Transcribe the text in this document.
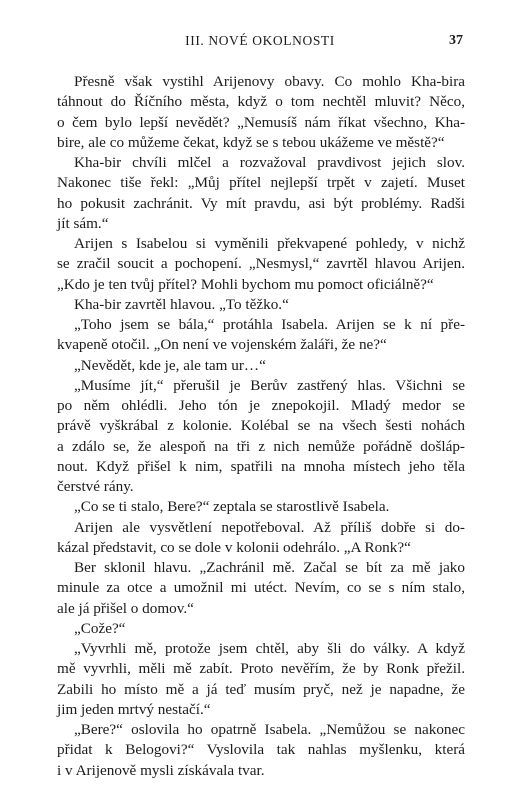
III. NOVÉ OKOLNOSTI	37
Přesně však vystihl Arijenovy obavy. Co mohlo Kha-bira
táhnout do Říčního města, když o tom nechtěl mluvit? Něco,
o čem bylo lepší nevědět? „Nemusíš nám říkat všechno, Kha-
bire, ale co můžeme čekat, když se s tebou ukážeme ve městě?“
Kha-bir chvíli mlčel a rozvažoval pravdivost jejich slov.
Nakonec tiše řekl: „Můj přítel nejlepší trpět v zajetí. Muset
ho pokusit zachránit. Vy mít pravdu, asi být problémy. Radši
jít sám.“
Arijen s Isabelou si vyměnili překvapené pohledy, v nichž
se zračil soucit a pochopení. „Nesmysl,“ zavrtěl hlavou Arijen.
„Kdo je ten tvůj přítel? Mohli bychom mu pomoct oficiálně?“
Kha-bir zavrtěl hlavou. „To těžko.“
„Toho jsem se bála,“ protáhla Isabela. Arijen se k ní pře-
kvapeně otočil. „On není ve vojenském žaláři, že ne?“
„Nevědět, kde je, ale tam ur…“
„Musíme jít,“ přerušil je Berův zastřený hlas. Všichni se
po něm ohlédli. Jeho tón je znepokojil. Mladý medor se
právě vyškrábal z kolonie. Kolébal se na všech šesti nohách
a zdálo se, že alespoň na tři z nich nemůže pořádně došláp-
nout. Když přišel k nim, spatřili na mnoha místech jeho těla
čerstvé rány.
„Co se ti stalo, Bere?“ zeptala se starostlivě Isabela.
Arijen ale vysvětlení nepotřeboval. Až příliš dobře si do-
kázal představit, co se dole v kolonii odehrálo. „A Ronk?“
Ber sklonil hlavu. „Zachránil mě. Začal se bít za mě jako
minule za otce a umožnil mi utéct. Nevím, co se s ním stalo,
ale já přišel o domov.“
„Cože?“
„Vyvrhli mě, protože jsem chtěl, aby šli do války. A když
mě vyvrhli, měli mě zabít. Proto nevěřím, že by Ronk přežil.
Zabili ho místo mě a já teď musím pryč, než je napadne, že
jim jeden mrtvý nestačí.“
„Bere?“ oslovila ho opatrně Isabela. „Nemůžou se nakonec
přidat k Belogovi?“ Vyslovila tak nahlas myšlenku, která
i v Arijenově mysli získávala tvar.
